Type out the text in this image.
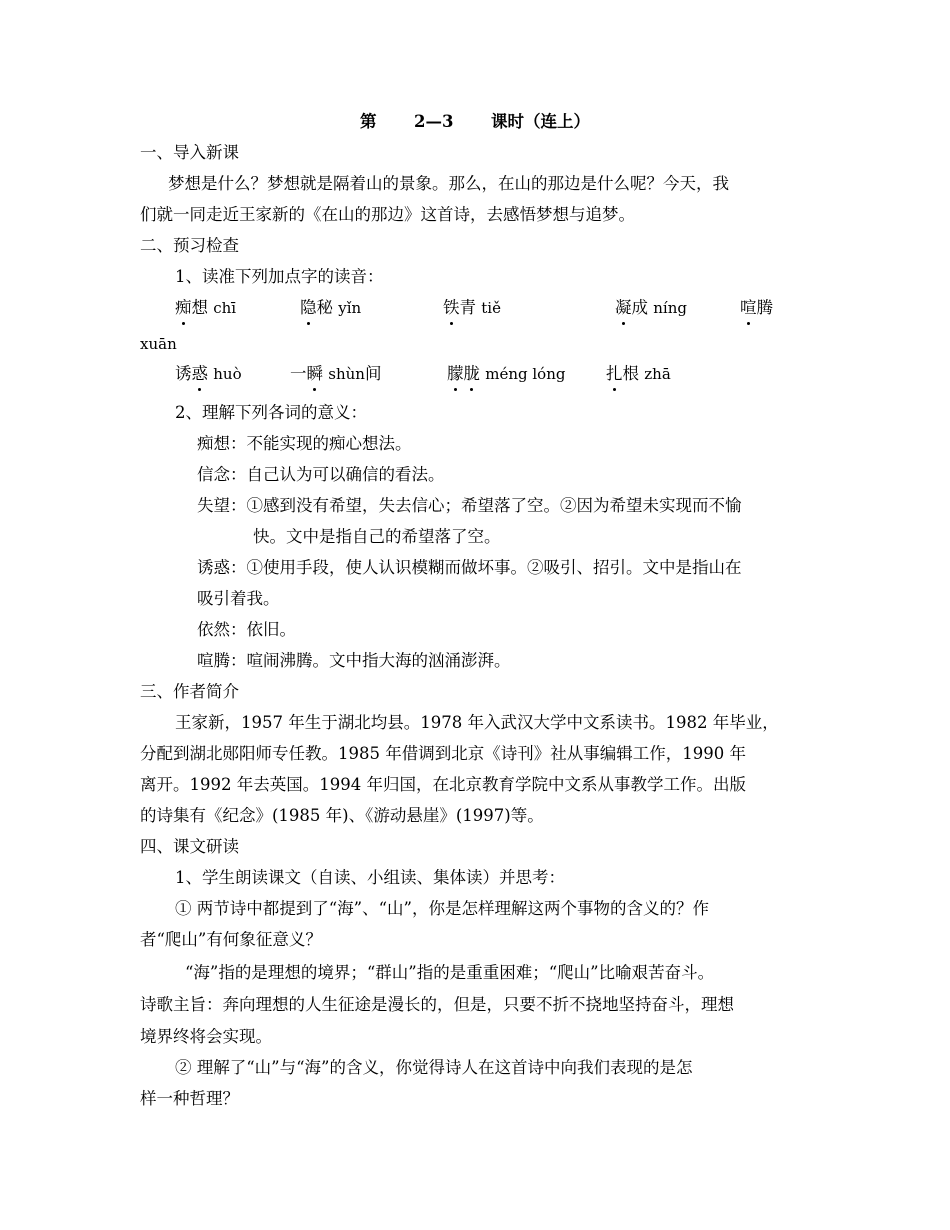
第 2—3 课时（连上）
一、导入新课
梦想是什么？梦想就是隔着山的景象。那么，在山的那边是什么呢？今天，我
们就一同走近王家新的《在山的那边》这首诗，去感悟梦想与追梦。
二、预习检查
1、读准下列加点字的读音：
痴想 chī	隐秘 yǐn	铁青 tiě	凝成 níng	喧腾
xuān
诱惑 huò	一瞬 shùn间	朦胧 méng lóng 扎根 zhā
2、理解下列各词的意义：
痴想：不能实现的痴心想法。
信念：自己认为可以确信的看法。
失望：①感到没有希望，失去信心；希望落了空。②因为希望未实现而不愉
快。文中是指自己的希望落了空。
诱惑：①使用手段，使人认识模糊而做坏事。②吸引、招引。文中是指山在
吸引着我。
依然：依旧。
喧腾：喧闹沸腾。文中指大海的汹涌澎湃。
三、作者简介
王家新，1957 年生于湖北均县。1978 年入武汉大学中文系读书。1982 年毕业，
分配到湖北郧阳师专任教。1985 年借调到北京《诗刊》社从事编辑工作，1990 年
离开。1992 年去英国。1994 年归国，在北京教育学院中文系从事教学工作。出版
的诗集有《纪念》(1985 年)、《游动悬崖》(1997)等。
四、课文研读
1、学生朗读课文（自读、小组读、集体读）并思考：
① 两节诗中都提到了“海”、“山”，你是怎样理解这两个事物的含义的？作
者“爬山”有何象征意义？
“海”指的是理想的境界；“群山”指的是重重困难；“爬山”比喻艰苦奋斗。
诗歌主旨：奔向理想的人生征途是漫长的，但是，只要不折不挠地坚持奋斗，理想
境界终将会实现。
② 理解了“山”与“海”的含义，你觉得诗人在这首诗中向我们表现的是怎
样一种哲理？
